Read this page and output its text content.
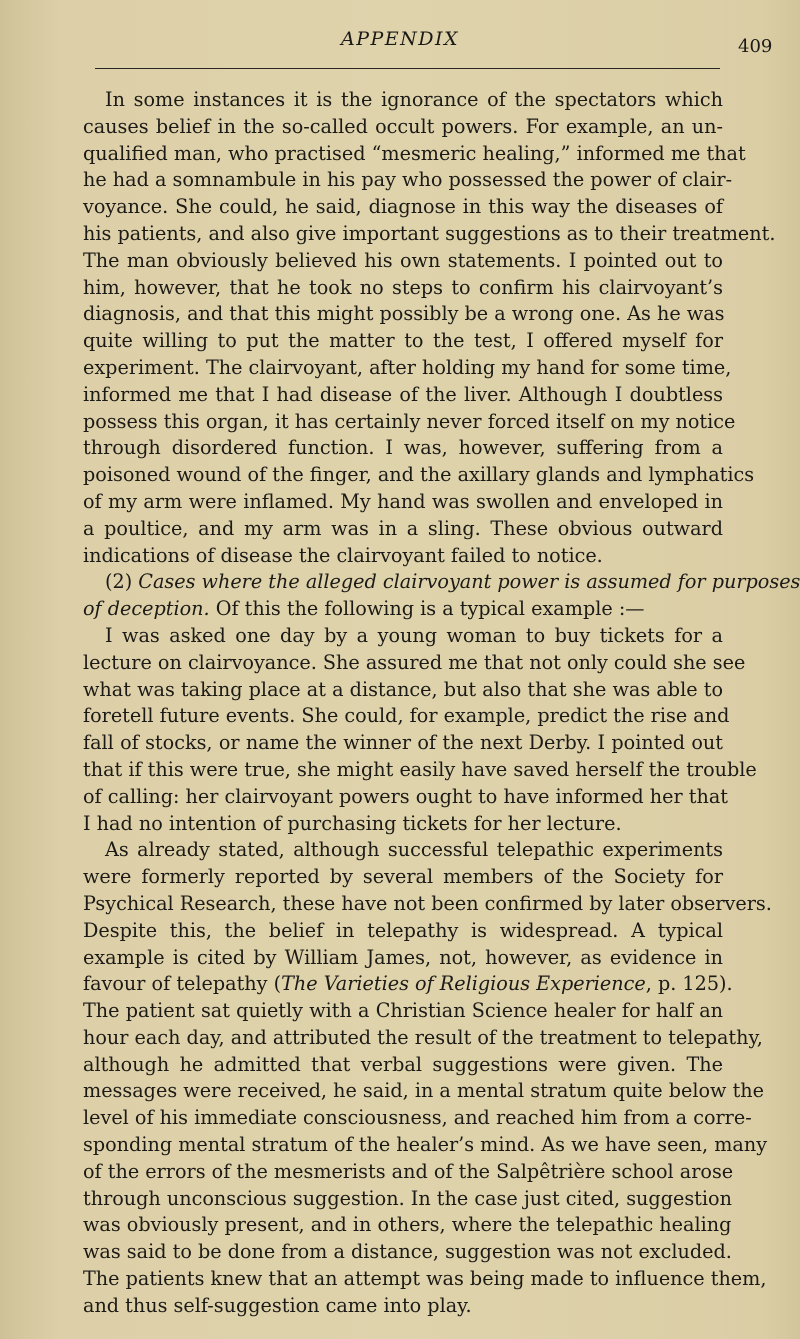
APPENDIX	409
In some instances it is the ignorance of the spectators which
causes belief in the so-called occult powers. For example, an un-
qualified man, who practised “mesmeric healing,” informed me that
he had a somnambule in his pay who possessed the power of clair-
voyance. She could, he said, diagnose in this way the diseases of
his patients, and also give important suggestions as to their treatment.
The man obviously believed his own statements. I pointed out to
him, however, that he took no steps to confirm his clairvoyant’s
diagnosis, and that this might possibly be a wrong one. As he was
quite willing to put the matter to the test, I offered myself for
experiment. The clairvoyant, after holding my hand for some time,
informed me that I had disease of the liver. Although I doubtless
possess this organ, it has certainly never forced itself on my notice
through disordered function. I was, however, suffering from a
poisoned wound of the finger, and the axillary glands and lymphatics
of my arm were inflamed. My hand was swollen and enveloped in
a poultice, and my arm was in a sling. These obvious outward
indications of disease the clairvoyant failed to notice.
(2) Cases where the alleged clairvoyant power is assumed for purposes
of deception. Of this the following is a typical example :—
I was asked one day by a young woman to buy tickets for a
lecture on clairvoyance. She assured me that not only could she see
what was taking place at a distance, but also that she was able to
foretell future events. She could, for example, predict the rise and
fall of stocks, or name the winner of the next Derby. I pointed out
that if this were true, she might easily have saved herself the trouble
of calling: her clairvoyant powers ought to have informed her that
I had no intention of purchasing tickets for her lecture.
As already stated, although successful telepathic experiments
were formerly reported by several members of the Society for
Psychical Research, these have not been confirmed by later observers.
Despite this, the belief in telepathy is widespread. A typical
example is cited by William James, not, however, as evidence in
favour of telepathy (The Varieties of Religious Experience, p. 125).
The patient sat quietly with a Christian Science healer for half an
hour each day, and attributed the result of the treatment to telepathy,
although he admitted that verbal suggestions were given. The
messages were received, he said, in a mental stratum quite below the
level of his immediate consciousness, and reached him from a corre-
sponding mental stratum of the healer’s mind. As we have seen, many
of the errors of the mesmerists and of the Salpêtrière school arose
through unconscious suggestion. In the case just cited, suggestion
was obviously present, and in others, where the telepathic healing
was said to be done from a distance, suggestion was not excluded.
The patients knew that an attempt was being made to influence them,
and thus self-suggestion came into play.
